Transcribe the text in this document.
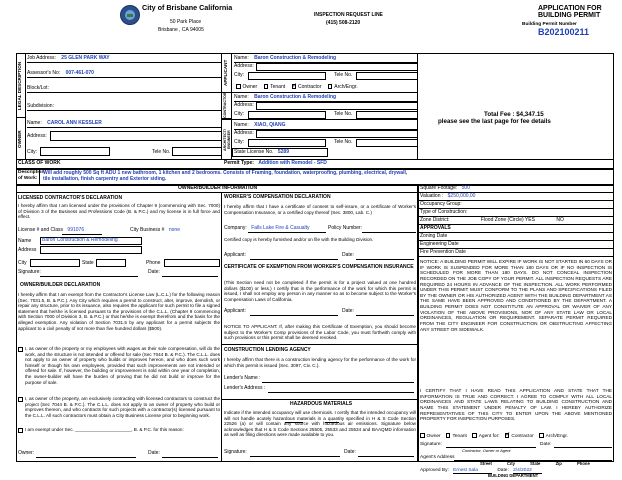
City of Brisbane California
50 Park Place
Brisbane , CA 94005
INSPECTION REQUEST LINE
(415) 508-2120
APPLICATION FOR
BUILDING PERMIT
Building Permit Number
B202100211
LEGAL DESCRIPTION
Job Address: 25 GLEN PARK WAY
Assessor's No: 007-461-070
Block/Lot:
Subdivision:
OWNER
Name: CAROL ANN KESSLER
Address:
City:	Tele No.
APPLICANT
Name: Baron Construction & Remodeling
Address:
City:	Tele No.
Owner	Tenant ✓	Contractor	Arch/Engr.
CONTRACTOR	Name: Baron Construction & Remodeling
Address:
City:	Tele No.
ARCHITECT/ ENGINEER
Name: XIAO, QIANG
Address:
City:	Tele No.
State License No. 5289
Total Fee : $4,347.15
please see the last page for fee details
CLASS OF WORK	Permit Type: Addition with Remodel - SFD
Description of Work:
Will add roughly 500 Sq ft ADU 1 new bathroom, 1 kitchen and 2 bedrooms. Consists of Framing, foundation, waterproofing, plumbing, electrical, drywall, tile installation, finish carpentry and Exterior siding.
OWNER/BUILDER INFORMATION
LICENSED CONTRACTOR'S DECLARATION
I hereby affirm that I am licensed under the provisions of Chapter 9 (commencing with Sec. 7000) of Division 3 of the Business and Professions Code (B. & P.C.) and my license is in full force and effect.
License # and Class 991076	City Business # none
Name Baron Construction & Remodeling
Address
City	State	Phone
Signature:	Date:
OWNER/BUILDER DECLARATION
I hereby affirm that I am exempt from the Contractor's License Law (L.C.L.) for the following reason (Sec. 7031.5, B. & P.C.). Any City which requires a permit to construct, alter, improve, demolish, or repair any structure, prior to its issuance, also requires the applicant for such permit to file a signed statement that he/she is licensed pursuant to the provisions of the C.L.L. (Chapter 9 commencing with Section 7000 of Division 3, B. & P.C.) or that he/she is exempt therefrom and the basis for the alleged exemption. Any violation of Section 7031.5 by any applicant for a permit subjects the applicant to a civil penalty of not more than five hundred dollars ($500).
I, as owner of the property or my employees with wages as their sole compensation, will do the work, and the structure is not intended or offered for sale (Sec 7044 B. & P.C.). The C.L.L. does not apply to an owner of property who builds or improves hereon, and who does such work himself or though his own employees, provided that such improvements are not intended or offered for sale. If, however, the building or improvement is sold within one year of completion, the owner-builder will have the burden of proving that he did not build or improve for the purpose of sale.
I, as owner of the property, am exclusively contracting with licensed contractors to construct the project (Sec 7044 B. & P.C.). The C.L.L. does not apply to an owner of property who build or improves thereon, and who contracts for such projects with a contractor(s) licensed pursuant to the C.L.L. All such contractors must obtain a City Business License prior to beginning work.
I am exempt under Sec. ______________________, B. & P.C. for this reason:
Owner:	Date:
WORKER'S COMPENSATION DECLARATION
I hereby affirm that I have a certificate of consent to self-insure, or a certificate of Worker's Compensation Insurance, or a certified copy thereof (Sec. 3800, Lab. C.)
Company: Falls Lake Fire & Casualty	Policy Number:
Certified copy is hereby furnished and/or on file with the Building Division.
Applicant:	Date:
CERTIFICATE OF EXEMPTION FROM WORKER'S COMPENSATION INSURANCE
(This Section need not be completed if the permit is for a project valued at one hundred dollars ($100) or less.) I certify that in the performance of the work for which this permit is issued, I shall not employ any person in any manner so as to become subject to the Worker's Compensation Laws of California.
Applicant:	Date:
NOTICE TO APPLICANT: If, after making this Certificate of Exemption, you should become subject to the Worker's Comp provisions of the Labor Code, you must forthwith comply with such provisions or this permit shall be deemed revoked.
CONSTRUCTION LENDING AGENCY
I hereby affirm that there is a construction lending agency for the performance of the work for which this permit is issued (Sec. 3097, Civ. C.).
Lender's Name :
Lender's Address :
HAZARDOUS MATERIALS
Indicate if the intended occupancy will use chemicals. I certify that the intended occupancy will will not handle acutely hazardous materials in a quantity specified in H & S Code Section 22526 (a) or will contain any source with hazardous air emissions. Signature below acknowledges that H & S Code Sections 25505, 25533 and 25534 and BAAQMD information as well as filing directions were made available to you.
Signature:	Date:
Square Footage: 500
Valuation : $250,000.00
Occupancy Group:
Type of Construction:
Zone District:	Flood Zone (Circle) YES	NO
APPROVALS
Zoning Date
Engineering Date
Fire Prevention Date
NOTICE: A BUILDING PERMIT WILL EXPIRE IF WORK IS NOT STARTED IN 60 DAYS OR IF WORK IS SUSPENDED FOR MORE THAN 180 DAYS OR IF NO INSPECTION IS SCHEDULED FOR MORE THAN 180 DAYS. DO NOT CONCEAL INSPECTION RECORDED ON THE JOB COPY OF YOUR PERMIT. ALL INSPECTION REQUESTS ARE REQUIRED 24 HOURS IN ADVANCE OF THE INSPECTION. ALL WORK PERFORMED UNDER THIS PERMIT MUST CONFORM TO THE PLANS AND SPECIFICATIONS FILED BY THE OWNER OR HIS AUTHORIZED AGENT WITH THE BUILDING DEPARTMENT AS THE SAME HAVE BEEN APPROVED AND CONDITIONED BY THE DEPARTMENT. A BUILDING PERMIT DOES NOT CONSTITUTE AN APPROVAL OR WAIVER OF ANY VIOLATION OF THE ABOVE PROVISIONS, NOR OF ANY STATE LAW OR LOCAL ORDINANCES, REGULATION OR REQUIREMENT. SEPARATE PERMIT REQUIRED FROM THE CITY ENGINEER FOR CONSTRUCTION OR OBSTRUCTING AFFECTING ANY STREET OR SIDEWALK.
I CERTIFY THAT I HAVE READ THIS APPLICATION AND STATE THAT THE INFORMATION IS TRUE AND CORRECT. I AGREE TO COMPLY WITH ALL LOCAL ORDINANCES AND STATE LAWS RELATING TO BUILDING CONSTRUCTION AND NAME THIS STATEMENT UNDER PENALTY OF LAW. I HEREBY AUTHORIZE REPRESENTATIVES OF THIS CITY TO ENTER UPON THE ABOVE MENTIONED PROPERTY FOR INSPECTION PURPOSES.
Owner Tenant Agent for: ✓ Contractor Arch/Engr.
Signature:	Date:
Contractor, Owner or Agent
Agent's Address
Street	City	State	Zip	Phone
Approved By: Ernest Sala	Date: 2/4/2022
BUILDING DEPARTMENT
